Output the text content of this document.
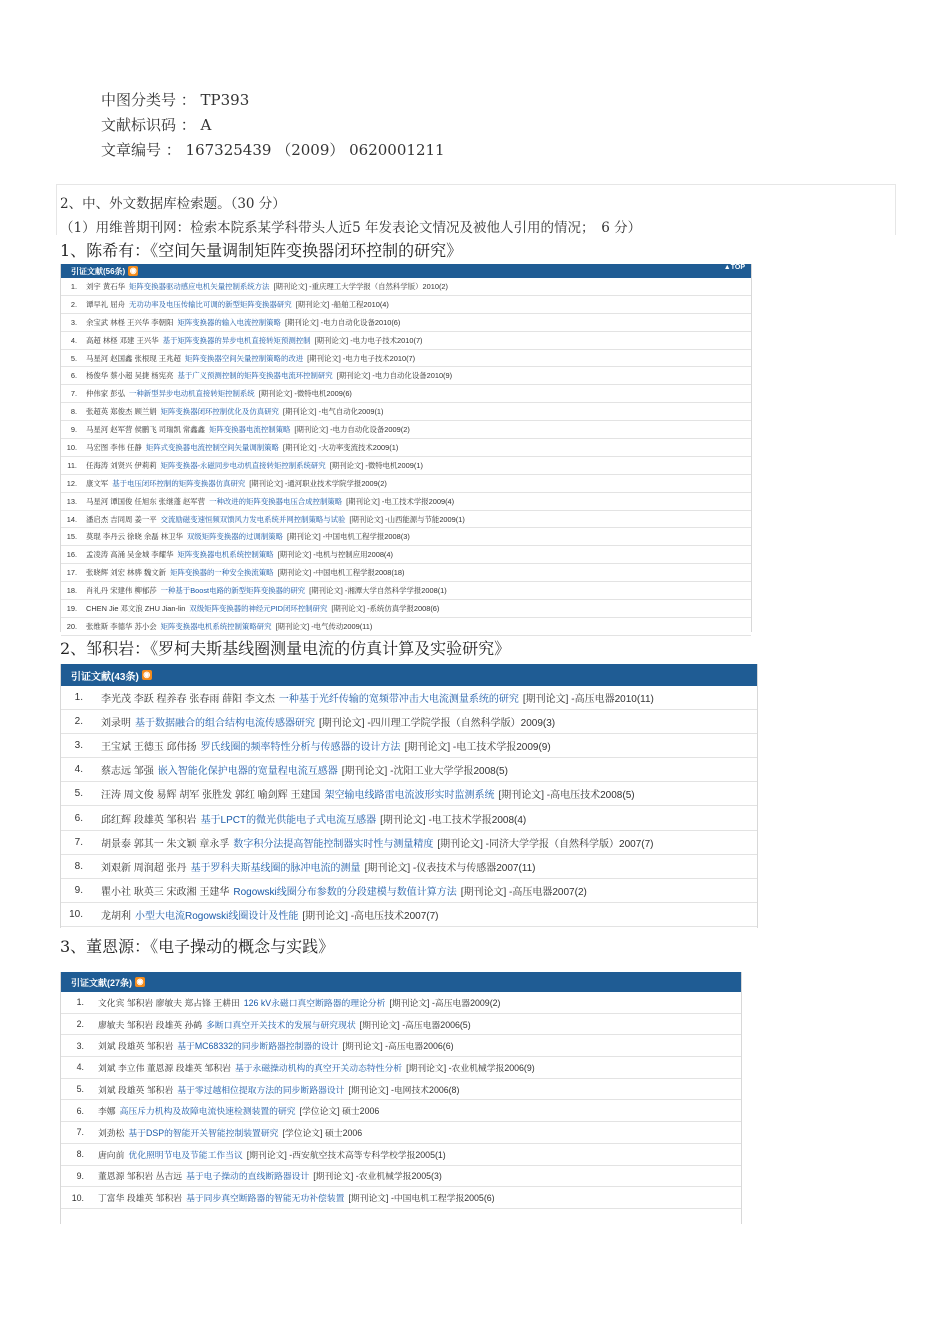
中图分类号 ： TP393
文献标识码 ： A
文章编号 ： 167325439 （2009） 0620001211
2、中、外文数据库检索题。（30 分）
（1）用维普期刊网：检索本院系某学科带头人近5 年发表论文情况及被他人引用的情况；　6 分）
1、陈希有：《空间矢量调制矩阵变换器闭环控制的研究》
引证文献(56条) ◉	▲TOP
1. 刘宇 黄石华 矩阵变换器驱动感应电机矢量控制系统方法 [期刊论文] -重庆理工大学学报（自然科学版）2010(2)
2. 谭早礼 屈舟 无功功率及电压传输比可调的新型矩阵变换器研究 [期刊论文] -船舶工程2010(4)
3. 余宝武 林柽 王兴华 李朝阳 矩阵变换器的输入电流控制策略 [期刊论文] -电力自动化设备2010(6)
4. 高超 林柽 邓建 王兴华 基于矩阵变换器的异步电机直接转矩预测控制 [期刊论文] -电力电子技术2010(7)
5. 马星河 赵国鑫 张根现 王兆超 矩阵变换器空间矢量控制策略的改进 [期刊论文] -电力电子技术2010(7)
6. 杨俊华 蔡小超 吴捷 杨宪亮 基于广义预测控制的矩阵变换器电流环控制研究 [期刊论文] -电力自动化设备2010(9)
7. 仲伟家 彭弘 一种新型异步电动机直接转矩控制系统 [期刊论文] -微特电机2009(6)
8. 张超英 郑俊杰 顾兰娟 矩阵变换器闭环控制优化及仿真研究 [期刊论文] -电气自动化2009(1)
9. 马星河 赵军营 侯鹏飞 司瑞凯 常鑫鑫 矩阵变换器电流控制策略 [期刊论文] -电力自动化设备2009(2)
10. 马宏图 李伟 任静 矩阵式变换器电流控制空间矢量调制策略 [期刊论文] -大功率变流技术2009(1)
11. 任海涛 刘贤兴 伊莉莉 矩阵变换器-永磁同步电动机直接转矩控制系统研究 [期刊论文] -微特电机2009(1)
12. 康文军 基于电压闭环控制的矩阵变换器仿真研究 [期刊论文] -通河职业技术学院学报2009(2)
13. 马星河 谭国俊 任旭东 张继蓬 赵军营 一种改进的矩阵变换器电压合成控制策略 [期刊论文] -电工技术学报2009(4)
14. 潘启杰 吉同周 姜一平 交流励磁变速恒频双馈风力发电系统并网控制策略与试验 [期刊论文] -山西能源与节能2009(1)
15. 莫琨 李丹云 徐晓 余磊 林卫华 双级矩阵变换器的过调制策略 [期刊论文] -中国电机工程学报2008(3)
16. 孟凌涛 高涌 吴金城 李耀华 矩阵变换器电机系统控制策略 [期刊论文] -电机与控制应用2008(4)
17. 张晓辉 刘宏 林骅 魏文新 矩阵变换器的一种安全换流策略 [期刊论文] -中国电机工程学报2008(18)
18. 肖礼丹 宋建伟 柳郁莎 一种基于Boost电路的新型矩阵变换器的研究 [期刊论文] -湘潭大学自然科学学报2008(1)
19. CHEN Jie 邓文浪 ZHU Jian-lin 双级矩阵变换器的神经元PID闭环控制研究 [期刊论文] -系统仿真学报2008(6)
20. 张维斯 李德华 苏小会 矩阵变换器电机系统控制策略研究 [期刊论文] -电气传动2009(11)
2、邹积岩：《罗柯夫斯基线圈测量电流的仿真计算及实验研究》
引证文献(43条) ◉
1. 李光茂 李跃 程养春 张春雨 薛阳 李文杰 一种基于光纤传输的宽频带冲击大电流测量系统的研究 [期刊论文] -高压电器2010(11)
2. 刘录明 基于数据融合的组合结构电流传感器研究 [期刊论文] -四川理工学院学报（自然科学版）2009(3)
3. 王宝斌 王德玉 邱伟扬 罗氏线圈的频率特性分析与传感器的设计方法 [期刊论文] -电工技术学报2009(9)
4. 蔡志远 邹强 嵌入智能化保护电器的宽量程电流互感器 [期刊论文] -沈阳工业大学学报2008(5)
5. 汪涛 周文俊 易辉 胡军 张胜发 郭红 喻剑辉 王建国 架空输电线路雷电流波形实时监测系统 [期刊论文] -高电压技术2008(5)
6. 邱红辉 段雄英 邹积岩 基于LPCT的微光供能电子式电流互感器 [期刊论文] -电工技术学报2008(4)
7. 胡景泰 郭其一 朱文颖 章永孚 数字积分法提高智能控制器实时性与测量精度 [期刊论文] -同济大学学报（自然科学版）2007(7)
8. 刘艰新 周润超 张丹 基于罗科夫斯基线圈的脉冲电流的测量 [期刊论文] -仪表技术与传感器2007(11)
9. 瞿小社 耿英三 宋政湘 王建华 Rogowski线圈分布参数的分段建模与数值计算方法 [期刊论文] -高压电器2007(2)
10. 龙胡利 小型大电流Rogowski线圈设计及性能 [期刊论文] -高电压技术2007(7)
3、董恩源：《电子操动的概念与实践》
引证文献(27条) ◉
1. 文化宾 邹积岩 廖敏夫 郑占锋 王耕田 126 kV永磁口真空断路器的理论分析 [期刊论文] -高压电器2009(2)
2. 廖敏夫 邹积岩 段雄英 孙鹤 多断口真空开关技术的发展与研究现状 [期刊论文] -高压电器2006(5)
3. 刘斌 段雄英 邹积岩 基于MC68332的同步断路器控制器的设计 [期刊论文] -高压电器2006(6)
4. 刘斌 李立伟 董恩源 段雄英 邹积岩 基于永磁操动机构的真空开关动态特性分析 [期刊论文] -农业机械学报2006(9)
5. 刘斌 段雄英 邹积岩 基于零过越相位提取方法的同步断路器设计 [期刊论文] -电网技术2006(8)
6. 李娜 高压斥力机构及故障电流快速检测装置的研究 [学位论文] 硕士2006
7. 刘劲松 基于DSP的智能开关智能控制装置研究 [学位论文] 硕士2006
8. 唐向前 优化照明节电及节能工作当议 [期刊论文] -西安航空技术高等专科学校学报2005(1)
9. 董恩源 邹积岩 丛吉远 基于电子操动的直线断路器设计 [期刊论文] -农业机械学报2005(3)
10. 丁富华 段雄英 邹积岩 基于同步真空断路器的智能无功补偿装置 [期刊论文] -中国电机工程学报2005(6)
